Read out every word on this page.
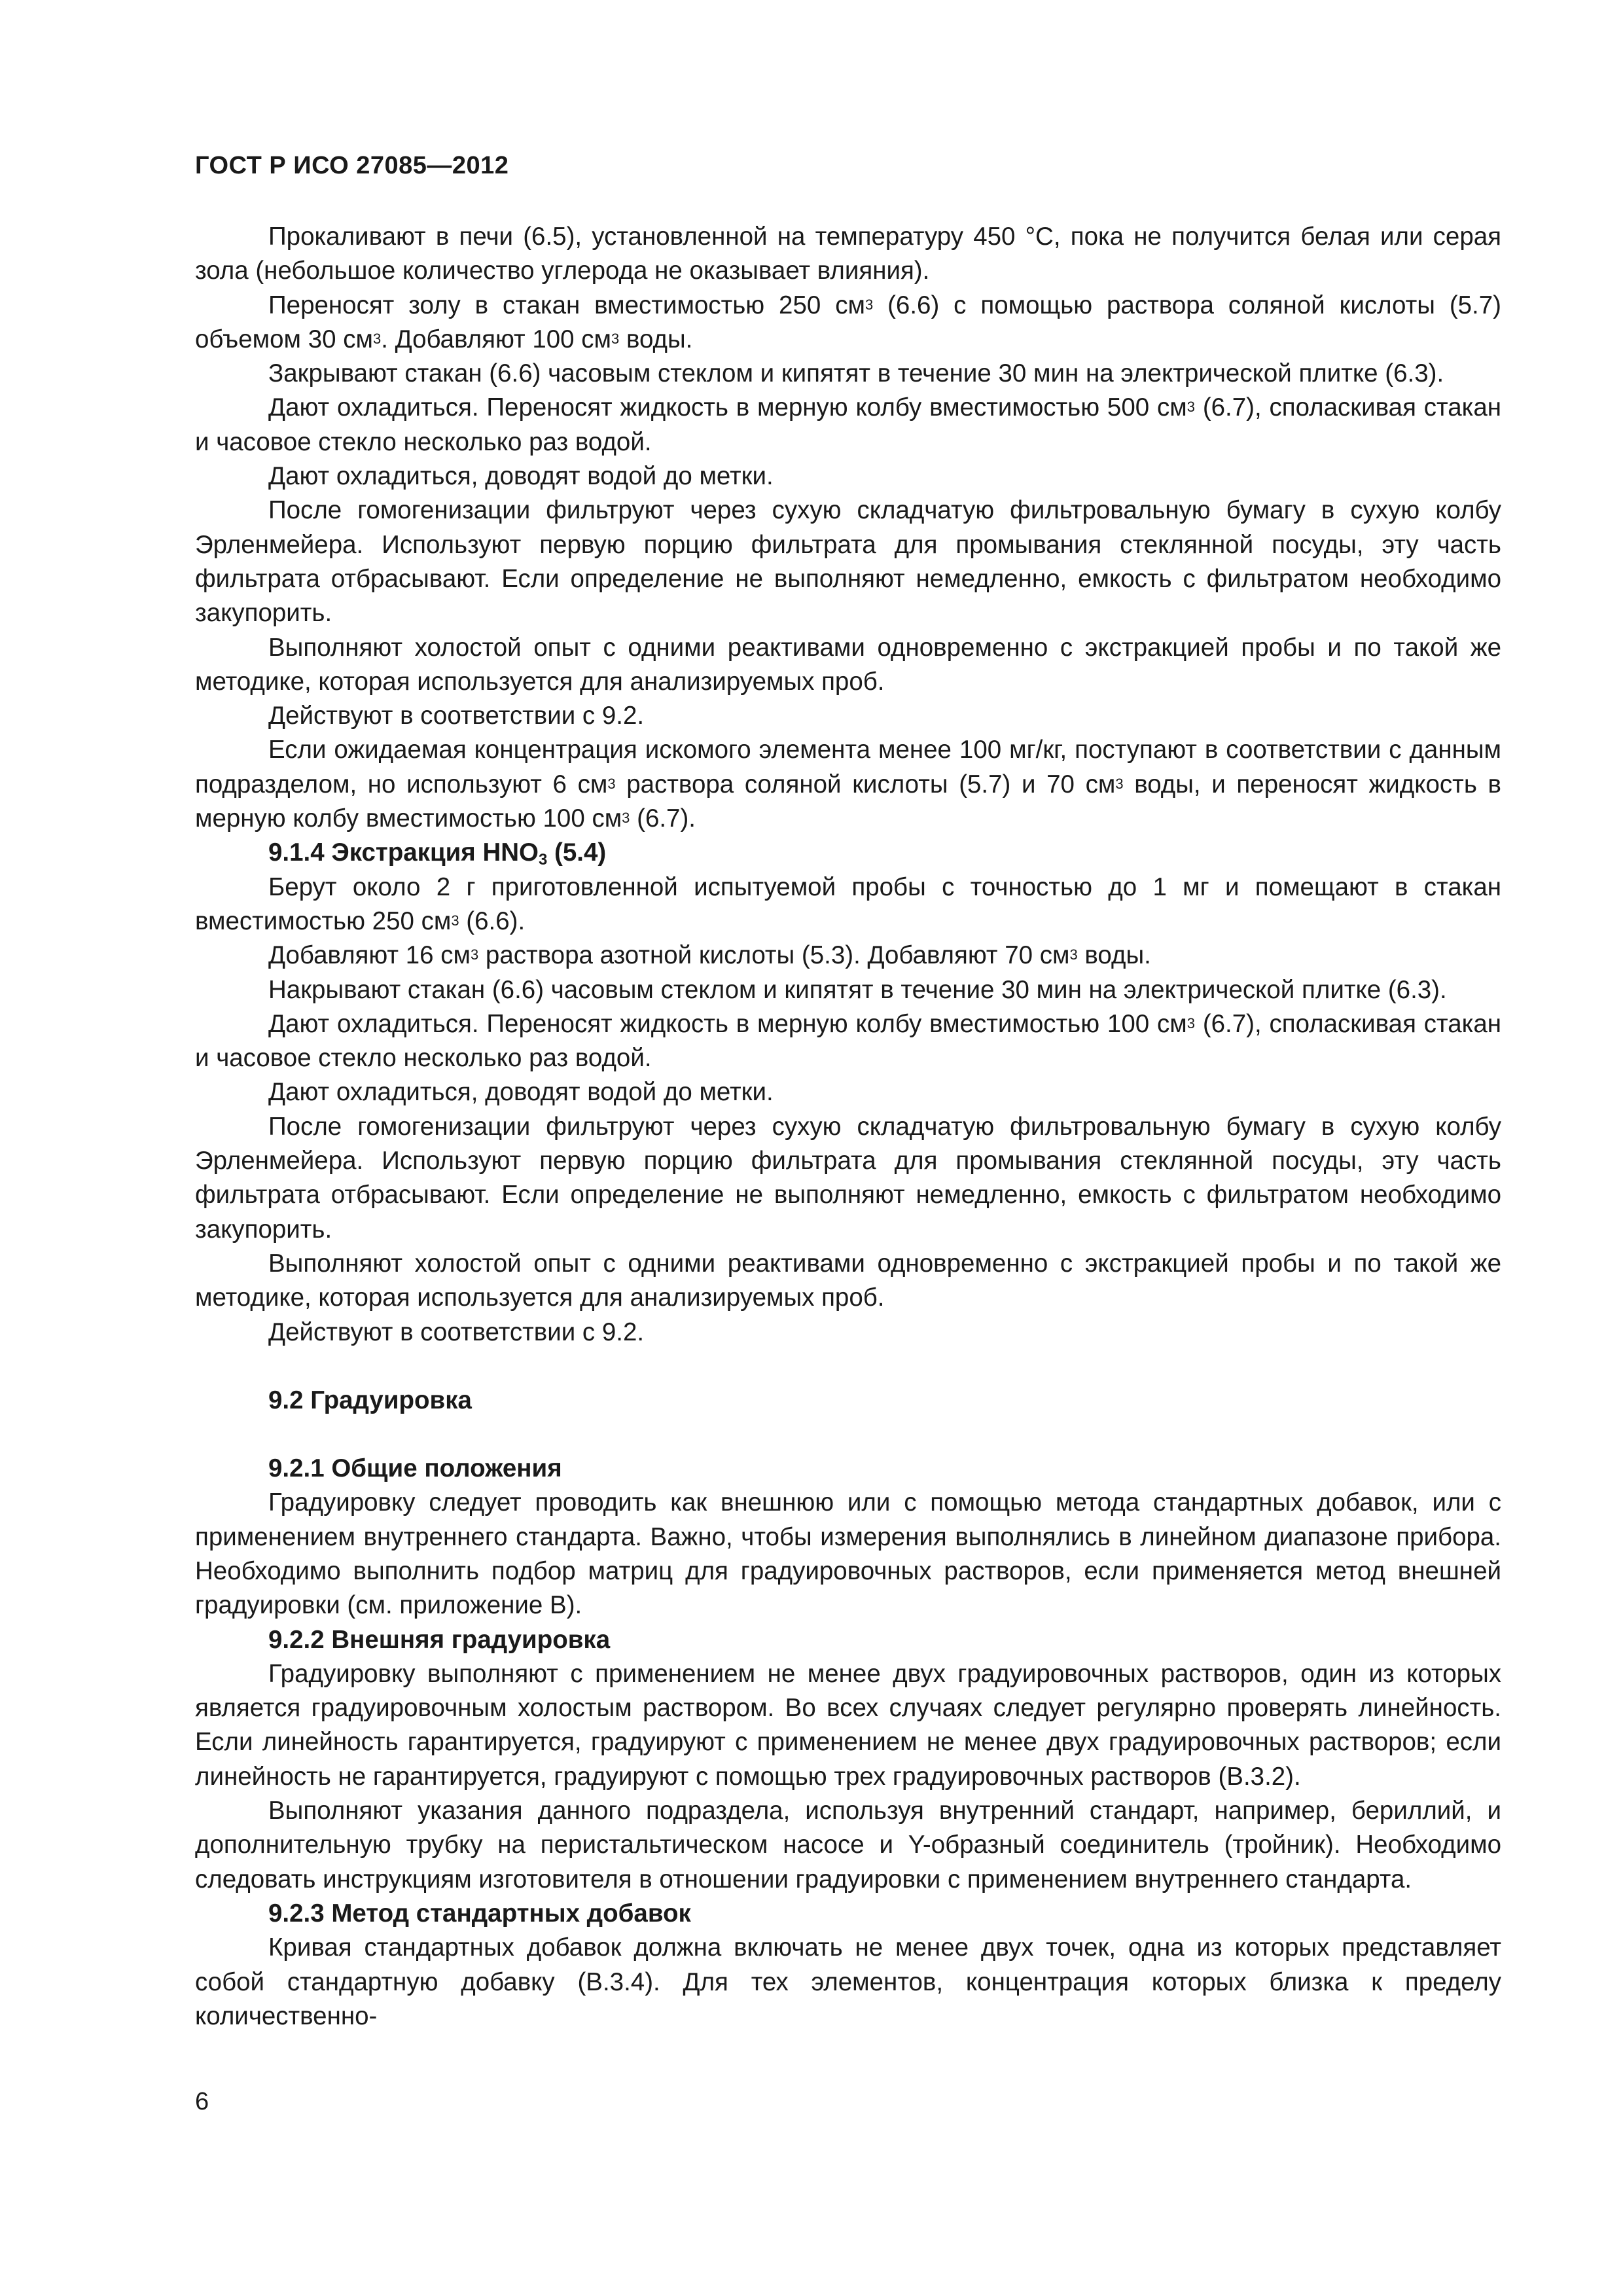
ГОСТ Р ИСО 27085—2012

Прокаливают в печи (6.5), установленной на температуру 450 °С, пока не получится белая или серая зола (небольшое количество углерода не оказывает влияния).

Переносят золу в стакан вместимостью 250 $см^3$ (6.6) с помощью раствора соляной кислоты (5.7) объемом 30 $см^3$. Добавляют 100 $см^3$ воды.

Закрывают стакан (6.6) часовым стеклом и кипятят в течение 30 мин на электрической плитке (6.3).

Дают охладиться. Переносят жидкость в мерную колбу вместимостью 500 $см^3$ (6.7), споласкивая стакан и часовое стекло несколько раз водой.

Дают охладиться, доводят водой до метки.

После гомогенизации фильтруют через сухую складчатую фильтровальную бумагу в сухую колбу Эрленмейера. Используют первую порцию фильтрата для промывания стеклянной посуды, эту часть фильтрата отбрасывают. Если определение не выполняют немедленно, емкость с фильтратом необходимо закупорить.

Выполняют холостой опыт с одними реактивами одновременно с экстракцией пробы и по такой же методике, которая используется для анализируемых проб.

Действуют в соответствии с 9.2.

Если ожидаемая концентрация искомого элемента менее 100 мг/кг, поступают в соответствии с данным подразделом, но используют 6 $см^3$ раствора соляной кислоты (5.7) и 70 $см^3$ воды, и переносят жидкость в мерную колбу вместимостью 100 $см^3$ (6.7).

9.1.4 Экстракция $HNO_3$ (5.4)

Берут около 2 г приготовленной испытуемой пробы с точностью до 1 мг и помещают в стакан вместимостью 250 $см^3$ (6.6).

Добавляют 16 $см^3$ раствора азотной кислоты (5.3). Добавляют 70 $см^3$ воды.

Накрывают стакан (6.6) часовым стеклом и кипятят в течение 30 мин на электрической плитке (6.3).

Дают охладиться. Переносят жидкость в мерную колбу вместимостью 100 $см^3$ (6.7), споласкивая стакан и часовое стекло несколько раз водой.

Дают охладиться, доводят водой до метки.

После гомогенизации фильтруют через сухую складчатую фильтровальную бумагу в сухую колбу Эрленмейера. Используют первую порцию фильтрата для промывания стеклянной посуды, эту часть фильтрата отбрасывают. Если определение не выполняют немедленно, емкость с фильтратом необходимо закупорить.

Выполняют холостой опыт с одними реактивами одновременно с экстракцией пробы и по такой же методике, которая используется для анализируемых проб.

Действуют в соответствии с 9.2.

9.2 Градуировка

9.2.1 Общие положения

Градуировку следует проводить как внешнюю или с помощью метода стандартных добавок, или с применением внутреннего стандарта. Важно, чтобы измерения выполнялись в линейном диапазоне прибора. Необходимо выполнить подбор матриц для градуировочных растворов, если применяется метод внешней градуировки (см. приложение В).

9.2.2 Внешняя градуировка

Градуировку выполняют с применением не менее двух градуировочных растворов, один из которых является градуировочным холостым раствором. Во всех случаях следует регулярно проверять линейность. Если линейность гарантируется, градуируют с применением не менее двух градуировочных растворов; если линейность не гарантируется, градуируют с помощью трех градуировочных растворов (В.3.2).

Выполняют указания данного подраздела, используя внутренний стандарт, например, бериллий, и дополнительную трубку на перистальтическом насосе и Y-образный соединитель (тройник). Необходимо следовать инструкциям изготовителя в отношении градуировки с применением внутреннего стандарта.

9.2.3 Метод стандартных добавок

Кривая стандартных добавок должна включать не менее двух точек, одна из которых представляет собой стандартную добавку (В.3.4). Для тех элементов, концентрация которых близка к пределу количественно-

6
